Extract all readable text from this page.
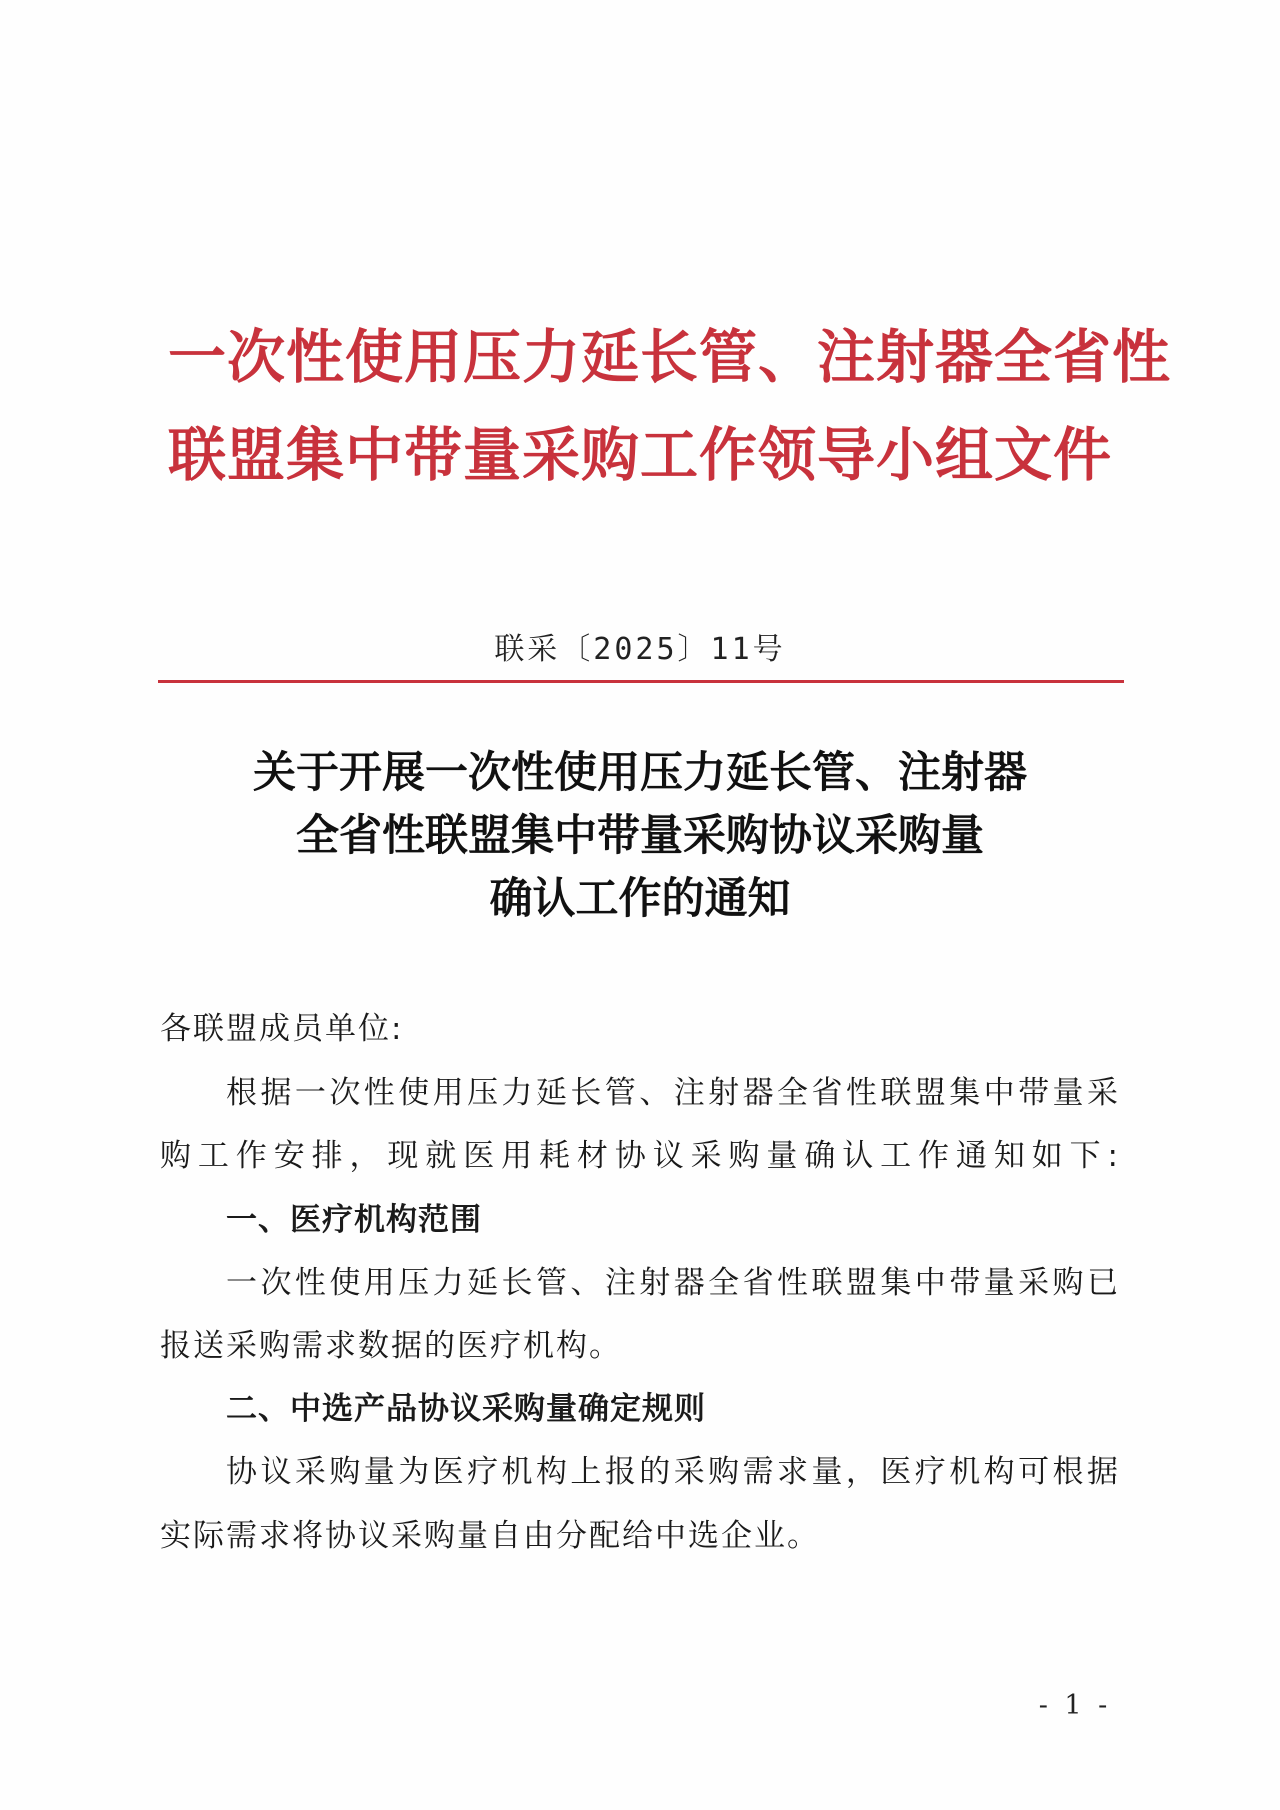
一次性使用压力延长管、注射器全省性
联盟集中带量采购工作领导小组文件
联采〔2025〕11号
关于开展一次性使用压力延长管、注射器
全省性联盟集中带量采购协议采购量
确认工作的通知
各联盟成员单位:
根据一次性使用压力延长管、注射器全省性联盟集中带量采
购工作安排，现就医用耗材协议采购量确认工作通知如下:
一、医疗机构范围
一次性使用压力延长管、注射器全省性联盟集中带量采购已
报送采购需求数据的医疗机构。
二、中选产品协议采购量确定规则
协议采购量为医疗机构上报的采购需求量，医疗机构可根据
实际需求将协议采购量自由分配给中选企业。
- 1 -
